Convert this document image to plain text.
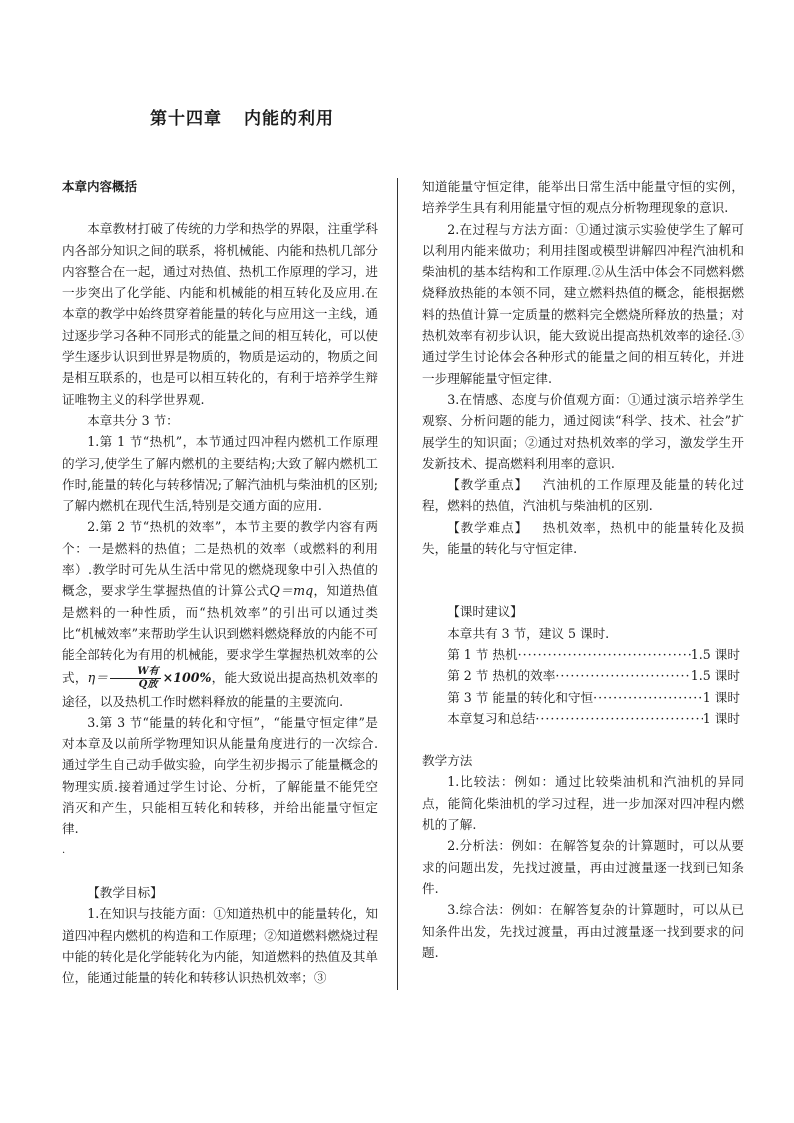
第十四章 内能的利用

本章内容概括

本章教材打破了传统的力学和热学的界限，注重学科内各部分知识之间的联系，将机械能、内能和热机几部分内容整合在一起，通过对热值、热机工作原理的学习，进一步突出了化学能、内能和机械能的相互转化及应用.在本章的教学中始终贯穿着能量的转化与应用这一主线，通过逐步学习各种不同形式的能量之间的相互转化，可以使学生逐步认识到世界是物质的，物质是运动的，物质之间是相互联系的，也是可以相互转化的，有利于培养学生辩证唯物主义的科学世界观.

本章共分 3 节：

1.第 1 节“热机”，本节通过四冲程内燃机工作原理的学习,使学生了解内燃机的主要结构;大致了解内燃机工作时,能量的转化与转移情况;了解汽油机与柴油机的区别;了解内燃机在现代生活,特别是交通方面的应用.

2.第 2 节“热机的效率”，本节主要的教学内容有两个：一是燃料的热值；二是热机的效率（或燃料的利用率）.教学时可先从生活中常见的燃烧现象中引入热值的概念，要求学生掌握热值的计算公式Q＝mq，知道热值是燃料的一种性质，而“热机效率”的引出可以通过类比“机械效率”来帮助学生认识到燃料燃烧释放的内能不可能全部转化为有用的机械能，要求学生掌握热机效率的公式，$\eta= \frac{\text{W有}}{\text{Q放}} \times 100\%$，能大致说出提高热机效率的途径，以及热机工作时燃料释放的能量的主要流向.

3.第 3 节“能量的转化和守恒”，“能量守恒定律”是对本章及以前所学物理知识从能量角度进行的一次综合.通过学生自己动手做实验，向学生初步揭示了能量概念的物理实质.接着通过学生讨论、分析，了解能量不能凭空消灭和产生，只能相互转化和转移，并给出能量守恒定律.

.

【教学目标】

1.在知识与技能方面：①知道热机中的能量转化，知道四冲程内燃机的构造和工作原理；②知道燃料燃烧过程中能的转化是化学能转化为内能，知道燃料的热值及其单位，能通过能量的转化和转移认识热机效率；③

知道能量守恒定律，能举出日常生活中能量守恒的实例，培养学生具有利用能量守恒的观点分析物理现象的意识.

2.在过程与方法方面：①通过演示实验使学生了解可以利用内能来做功；利用挂图或模型讲解四冲程汽油机和柴油机的基本结构和工作原理.②从生活中体会不同燃料燃烧释放热能的本领不同，建立燃料热值的概念，能根据燃料的热值计算一定质量的燃料完全燃烧所释放的热量；对热机效率有初步认识，能大致说出提高热机效率的途径.③通过学生讨论体会各种形式的能量之间的相互转化，并进一步理解能量守恒定律.

3.在情感、态度与价值观方面：①通过演示培养学生观察、分析问题的能力，通过阅读“科学、技术、社会”扩展学生的知识面；②通过对热机效率的学习，激发学生开发新技术、提高燃料利用率的意识.

【教学重点】 汽油机的工作原理及能量的转化过程，燃料的热值，汽油机与柴油机的区别.

【教学难点】 热机效率，热机中的能量转化及损失，能量的转化与守恒定律.

【课时建议】

本章共有 3 节，建议 5 课时.

第 1 节 热机 ·····	1.5 课时
第 2 节 热机的效率 ·····	1.5 课时
第 3 节 能量的转化和守恒 ·····	1 课时
本章复习和总结 ·····	1 课时

教学方法

1.比较法：例如：通过比较柴油机和汽油机的异同点，能简化柴油机的学习过程，进一步加深对四冲程内燃机的了解.

2.分析法：例如：在解答复杂的计算题时，可以从要求的问题出发，先找过渡量，再由过渡量逐一找到已知条件.

3.综合法：例如：在解答复杂的计算题时，可以从已知条件出发，先找过渡量，再由过渡量逐一找到要求的问题.
